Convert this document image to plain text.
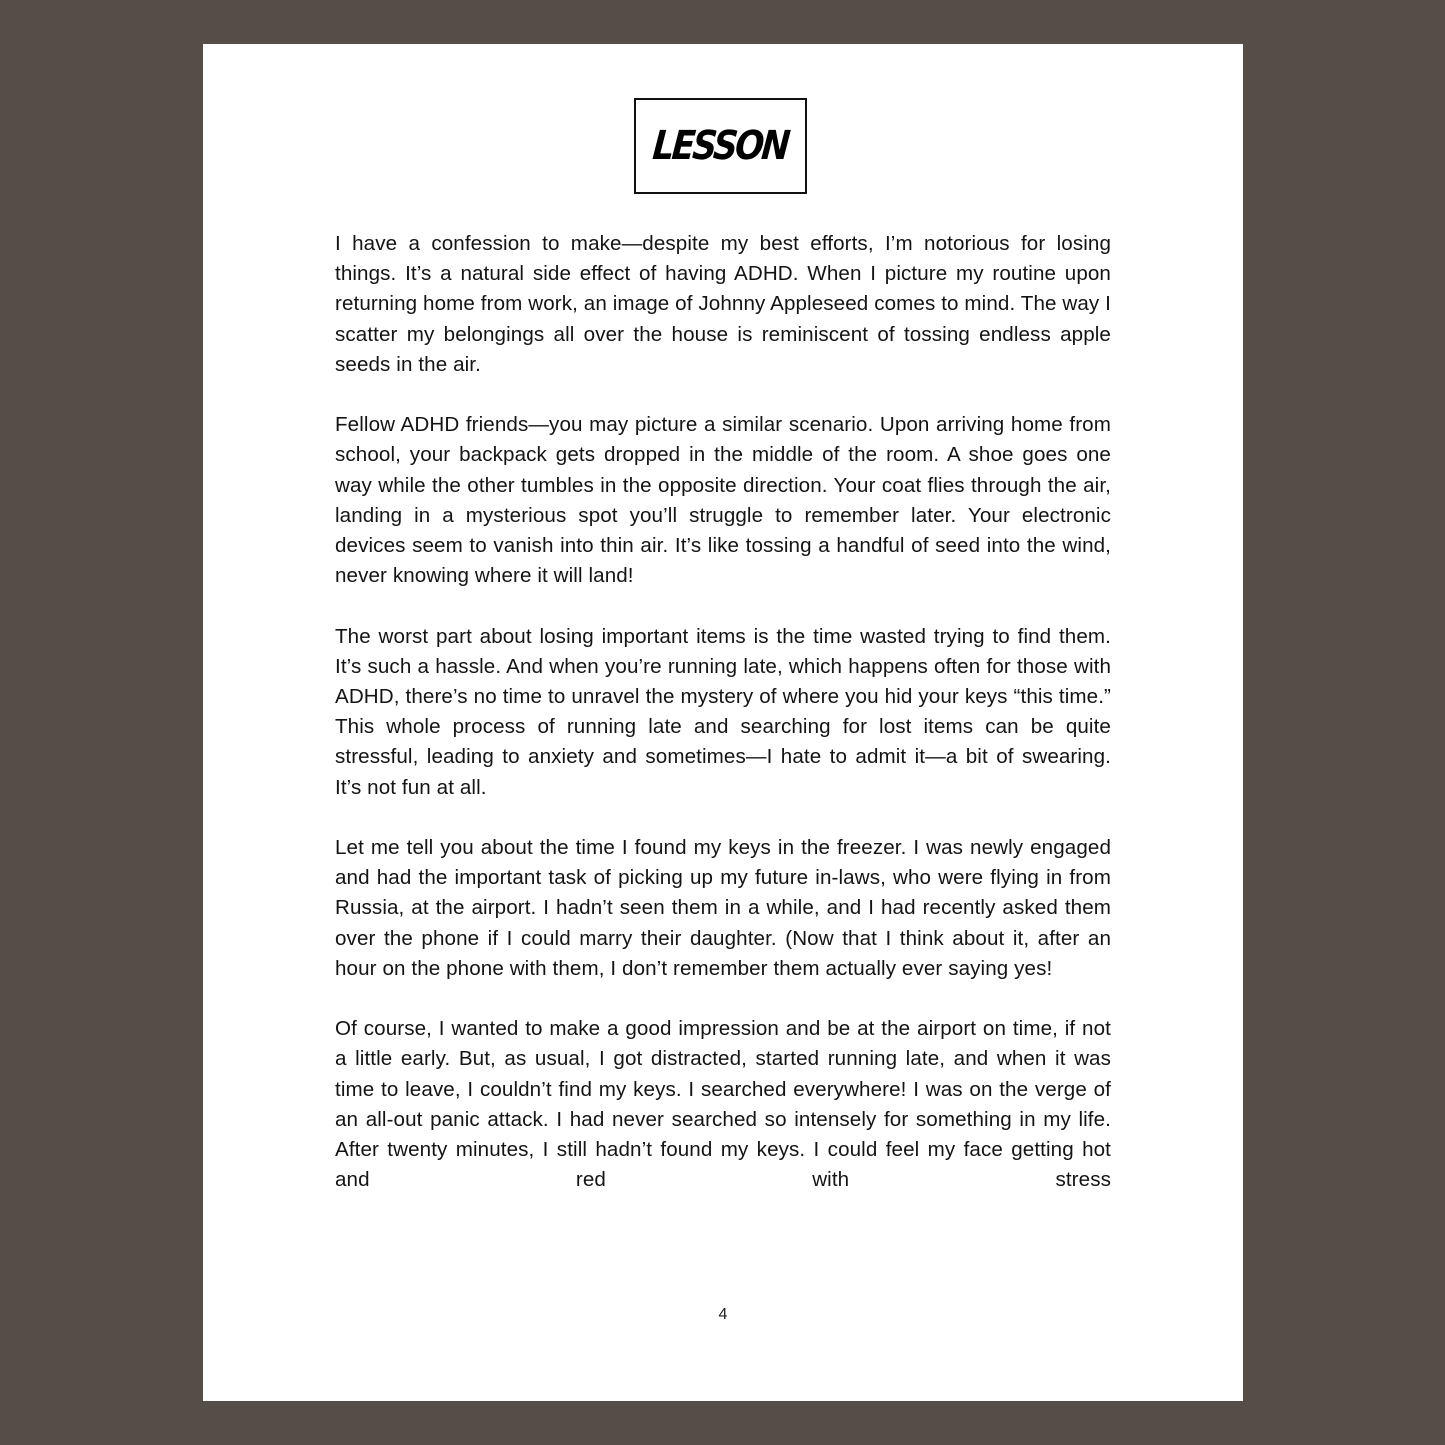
LESSON

I have a confession to make—despite my best efforts, I’m notorious for losing things. It’s a natural side effect of having ADHD. When I picture my routine upon returning home from work, an image of Johnny Appleseed comes to mind. The way I scatter my belongings all over the house is reminiscent of tossing endless apple seeds in the air.

Fellow ADHD friends—you may picture a similar scenario. Upon arriving home from school, your backpack gets dropped in the middle of the room. A shoe goes one way while the other tumbles in the opposite direction. Your coat flies through the air, landing in a mysterious spot you’ll struggle to remember later. Your electronic devices seem to vanish into thin air. It’s like tossing a handful of seed into the wind, never knowing where it will land!

The worst part about losing important items is the time wasted trying to find them. It’s such a hassle. And when you’re running late, which happens often for those with ADHD, there’s no time to unravel the mystery of where you hid your keys “this time.” This whole process of running late and searching for lost items can be quite stressful, leading to anxiety and sometimes—I hate to admit it—a bit of swearing. It’s not fun at all.

Let me tell you about the time I found my keys in the freezer. I was newly engaged and had the important task of picking up my future in-laws, who were flying in from Russia, at the airport. I hadn’t seen them in a while, and I had recently asked them over the phone if I could marry their daughter. (Now that I think about it, after an hour on the phone with them, I don’t remember them actually ever saying yes!

Of course, I wanted to make a good impression and be at the airport on time, if not a little early. But, as usual, I got distracted, started running late, and when it was time to leave, I couldn’t find my keys. I searched everywhere! I was on the verge of an all-out panic attack. I had never searched so intensely for something in my life. After twenty minutes, I still hadn’t found my keys. I could feel my face getting hot and red with stress

4
